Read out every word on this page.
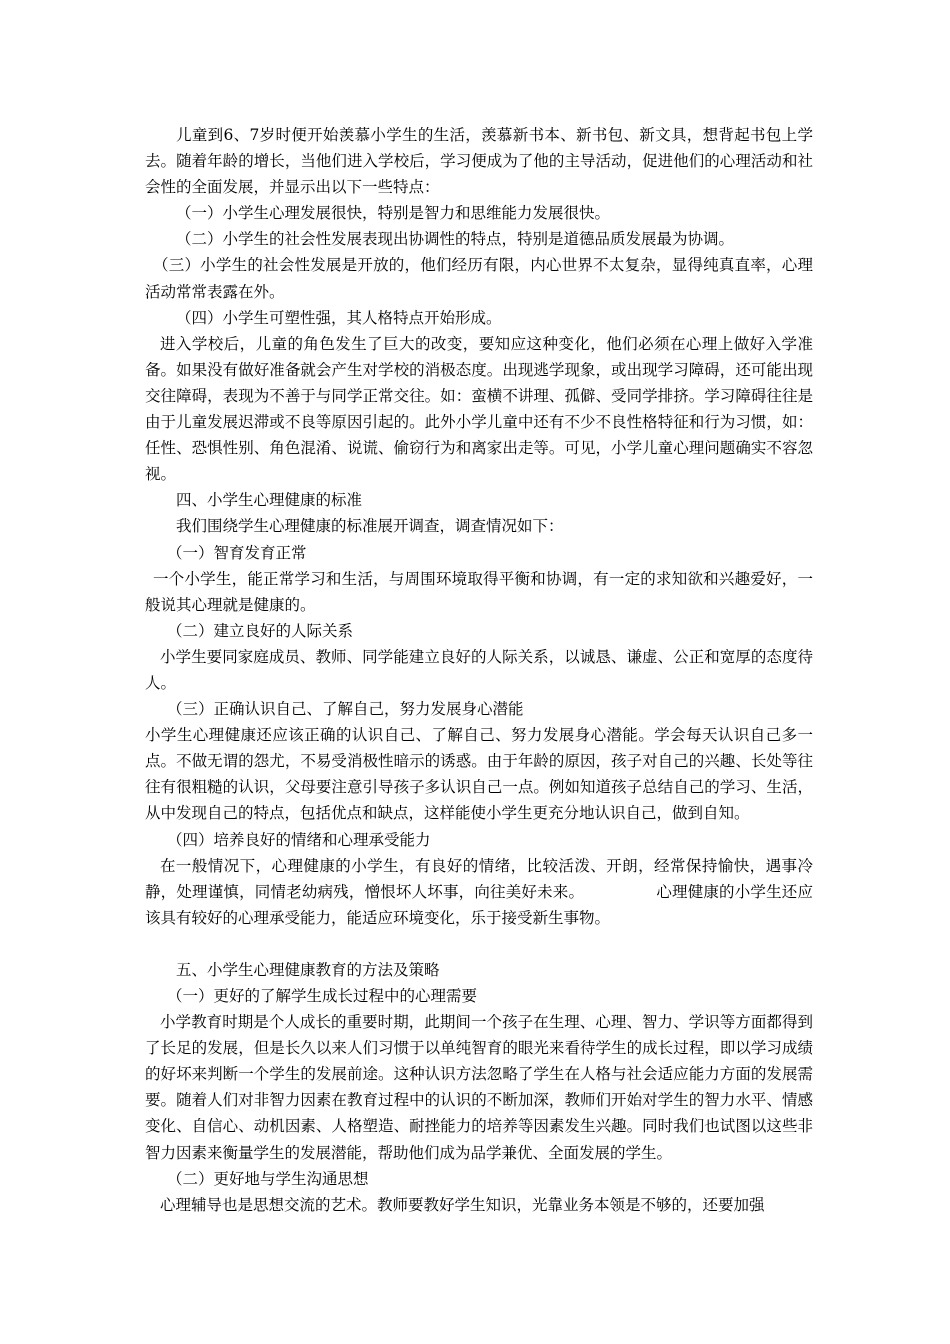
儿童到6、7岁时便开始羡慕小学生的生活，羡慕新书本、新书包、新文具，想背起书包上学去。随着年龄的增长，当他们进入学校后，学习便成为了他的主导活动，促进他们的心理活动和社会性的全面发展，并显示出以下一些特点：

（一）小学生心理发展很快，特别是智力和思维能力发展很快。

（二）小学生的社会性发展表现出协调性的特点，特别是道德品质发展最为协调。

（三）小学生的社会性发展是开放的，他们经历有限，内心世界不太复杂，显得纯真直率，心理活动常常表露在外。

（四）小学生可塑性强，其人格特点开始形成。

进入学校后，儿童的角色发生了巨大的改变，要知应这种变化，他们必须在心理上做好入学准备。如果没有做好准备就会产生对学校的消极态度。出现逃学现象，或出现学习障碍，还可能出现交往障碍，表现为不善于与同学正常交往。如：蛮横不讲理、孤僻、受同学排挤。学习障碍往往是由于儿童发展迟滞或不良等原因引起的。此外小学儿童中还有不少不良性格特征和行为习惯，如：任性、恐惧性别、角色混淆、说谎、偷窃行为和离家出走等。可见，小学儿童心理问题确实不容忽视。

四、小学生心理健康的标准

我们围绕学生心理健康的标准展开调查，调查情况如下：

（一）智育发育正常

一个小学生，能正常学习和生活，与周围环境取得平衡和协调，有一定的求知欲和兴趣爱好，一般说其心理就是健康的。

（二）建立良好的人际关系

小学生要同家庭成员、教师、同学能建立良好的人际关系，以诚恳、谦虚、公正和宽厚的态度待人。

（三）正确认识自己、了解自己，努力发展身心潜能

小学生心理健康还应该正确的认识自己、了解自己、努力发展身心潜能。学会每天认识自己多一点。不做无谓的怨尤，不易受消极性暗示的诱惑。由于年龄的原因，孩子对自己的兴趣、长处等往往有很粗糙的认识，父母要注意引导孩子多认识自己一点。例如知道孩子总结自己的学习、生活，从中发现自己的特点，包括优点和缺点，这样能使小学生更充分地认识自己，做到自知。

（四）培养良好的情绪和心理承受能力

在一般情况下，心理健康的小学生，有良好的情绪，比较活泼、开朗，经常保持愉快，遇事冷静，处理谨慎，同情老幼病残，憎恨坏人坏事，向往美好未来。	心理健康的小学生还应该具有较好的心理承受能力，能适应环境变化，乐于接受新生事物。

五、小学生心理健康教育的方法及策略

（一）更好的了解学生成长过程中的心理需要

小学教育时期是个人成长的重要时期，此期间一个孩子在生理、心理、智力、学识等方面都得到了长足的发展，但是长久以来人们习惯于以单纯智育的眼光来看待学生的成长过程，即以学习成绩的好坏来判断一个学生的发展前途。这种认识方法忽略了学生在人格与社会适应能力方面的发展需要。随着人们对非智力因素在教育过程中的认识的不断加深，教师们开始对学生的智力水平、情感变化、自信心、动机因素、人格塑造、耐挫能力的培养等因素发生兴趣。同时我们也试图以这些非智力因素来衡量学生的发展潜能，帮助他们成为品学兼优、全面发展的学生。

（二）更好地与学生沟通思想

心理辅导也是思想交流的艺术。教师要教好学生知识，光靠业务本领是不够的，还要加强
